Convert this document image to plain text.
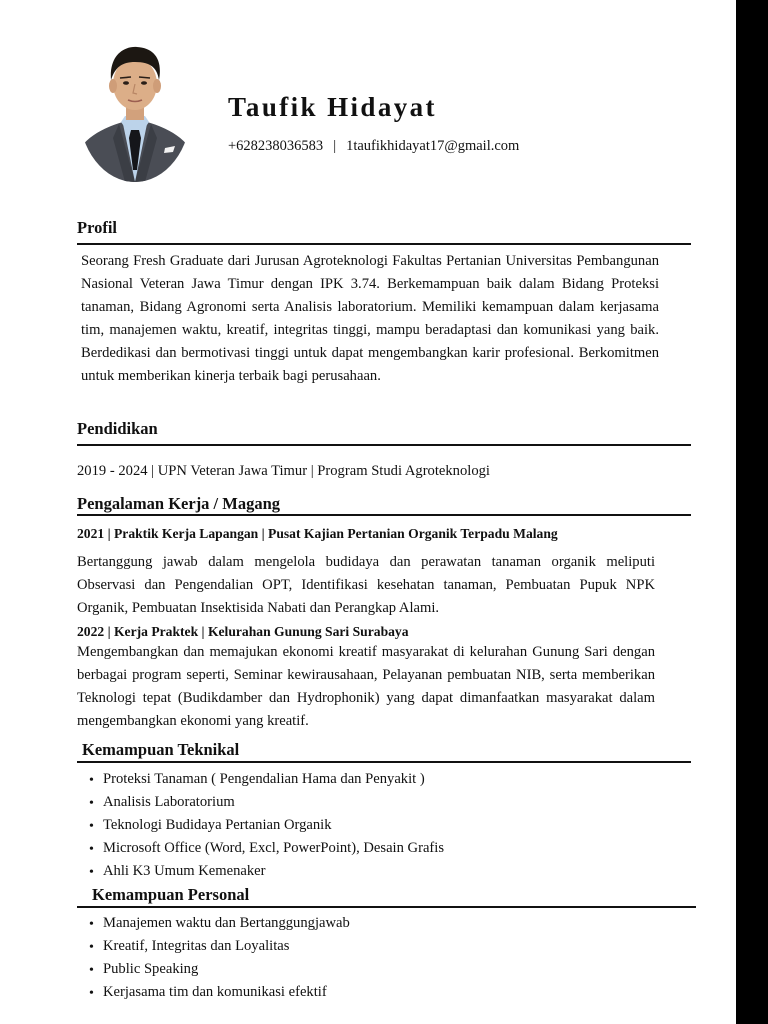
Taufik Hidayat
+628238036583 | 1taufikhidayat17@gmail.com
Profil

Seorang Fresh Graduate dari Jurusan Agroteknologi Fakultas Pertanian Universitas Pembangunan Nasional Veteran Jawa Timur dengan IPK 3.74. Berkemampuan baik dalam Bidang Proteksi tanaman, Bidang Agronomi serta Analisis laboratorium. Memiliki kemampuan dalam kerjasama tim, manajemen waktu, kreatif, integritas tinggi, mampu beradaptasi dan komunikasi yang baik. Berdedikasi dan bermotivasi tinggi untuk dapat mengembangkan karir profesional. Berkomitmen untuk memberikan kinerja terbaik bagi perusahaan.

Pendidikan

2019 - 2024 | UPN Veteran Jawa Timur | Program Studi Agroteknologi

Pengalaman Kerja / Magang

2021 | Praktik Kerja Lapangan | Pusat Kajian Pertanian Organik Terpadu Malang

Bertanggung jawab dalam mengelola budidaya dan perawatan tanaman organik meliputi Observasi dan Pengendalian OPT, Identifikasi kesehatan tanaman, Pembuatan Pupuk NPK Organik, Pembuatan Insektisida Nabati dan Perangkap Alami.

2022 | Kerja Praktek | Kelurahan Gunung Sari Surabaya

Mengembangkan dan memajukan ekonomi kreatif masyarakat di kelurahan Gunung Sari dengan berbagai program seperti, Seminar kewirausahaan, Pelayanan pembuatan NIB, serta memberikan Teknologi tepat (Budikdamber dan Hydrophonik) yang dapat dimanfaatkan masyarakat dalam mengembangkan ekonomi yang kreatif.

Kemampuan Teknikal
• Proteksi Tanaman ( Pengendalian Hama dan Penyakit )
• Analisis Laboratorium
• Teknologi Budidaya Pertanian Organik
• Microsoft Office (Word, Excl, PowerPoint), Desain Grafis
• Ahli K3 Umum Kemenaker
Kemampuan Personal
• Manajemen waktu dan Bertanggungjawab
• Kreatif, Integritas dan Loyalitas
• Public Speaking
• Kerjasama tim dan komunikasi efektif
